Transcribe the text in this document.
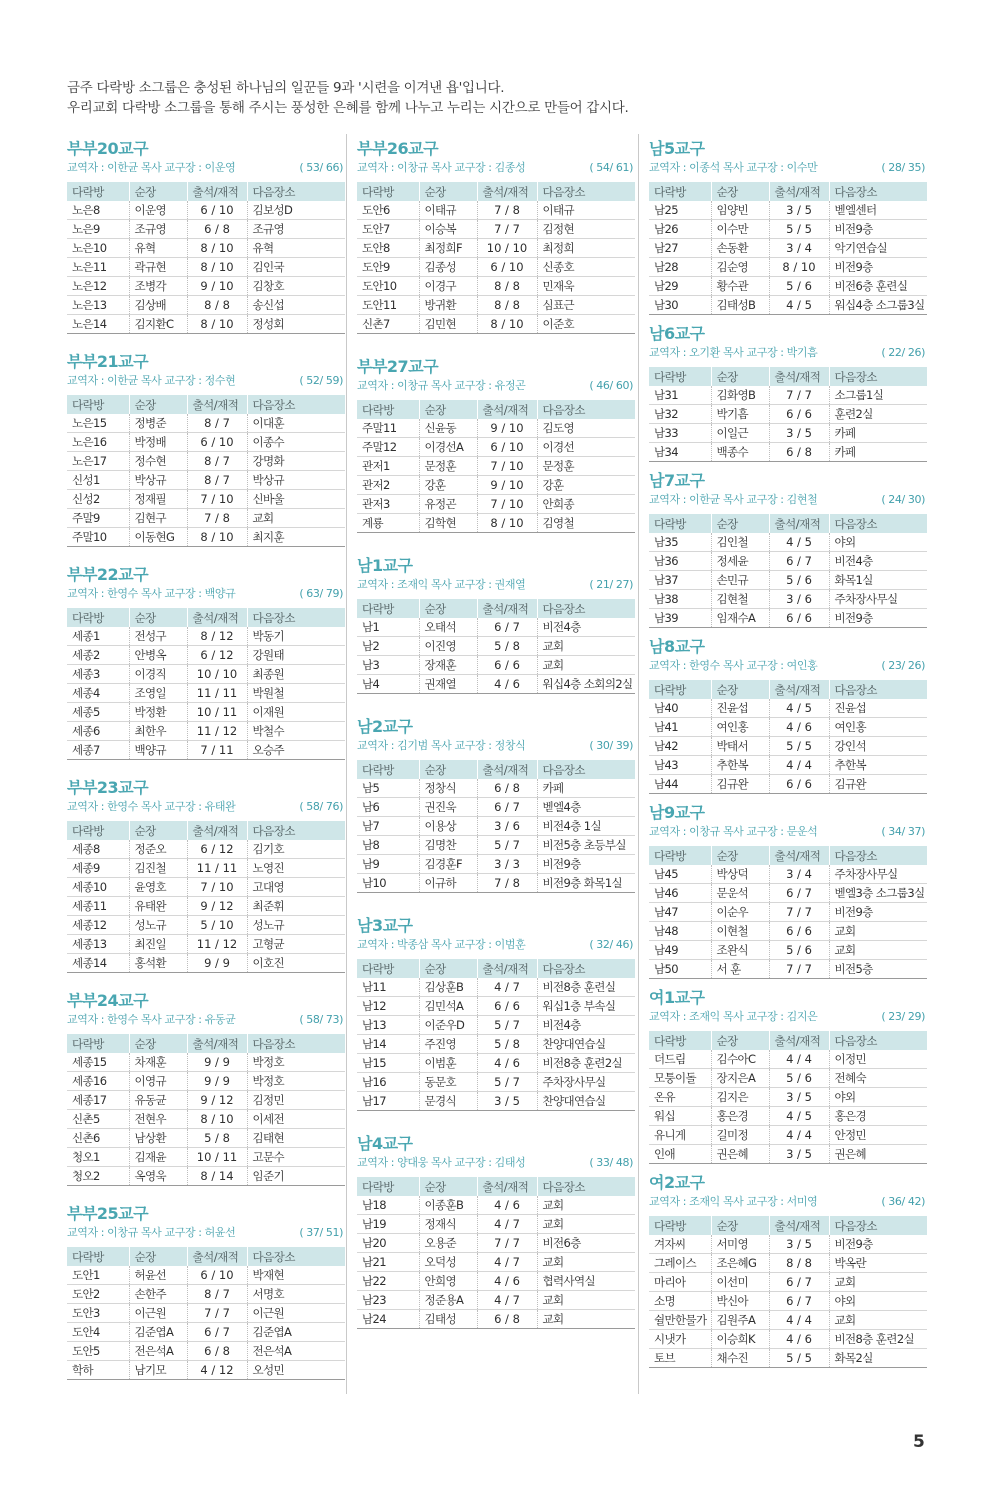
금주 다락방 소그룹은 충성된 하나님의 일꾼들 9과 '시련을 이겨낸 욥'입니다.
우리교회 다락방 소그룹을 통해 주시는 풍성한 은혜를 함께 나누고 누리는 시간으로 만들어 갑시다.
부부20교구
교역자 : 이한균 목사 교구장 : 이운영	( 53/ 66)
다락방	순장	출석/재적	다음장소
노은8	이운영	6 / 10	김보성D
노은9	조규영	6 / 8	조규영
노은10	유혁	8 / 10	유혁
노은11	곽규현	8 / 10	김인국
노은12	조병각	9 / 10	김창호
노은13	김상배	8 / 8	송신섭
노은14	김지환C	8 / 10	정성회
부부21교구
교역자 : 이한균 목사 교구장 : 정수현	( 52/ 59)
다락방	순장	출석/재적	다음장소
노은15	정병준	8 / 7	이대훈
노은16	박정배	6 / 10	이종수
노은17	정수현	8 / 7	강명화
신성1	박상규	8 / 7	박상규
신성2	정재필	7 / 10	신바울
주말9	김현구	7 / 8	교회
주말10	이동현G	8 / 10	최지훈
부부22교구
교역자 : 한영수 목사 교구장 : 백양규	( 63/ 79)
다락방	순장	출석/재적	다음장소
세종1	전성구	8 / 12	박동기
세종2	안병옥	6 / 12	강원태
세종3	이경직	10 / 10	최종원
세종4	조영일	11 / 11	박원철
세종5	박정환	10 / 11	이재원
세종6	최한우	11 / 12	박철수
세종7	백양규	7 / 11	오승주
부부23교구
교역자 : 한영수 목사 교구장 : 유태완	( 58/ 76)
다락방	순장	출석/재적	다음장소
세종8	정준오	6 / 12	김기호
세종9	김진철	11 / 11	노영진
세종10	윤영호	7 / 10	고대영
세종11	유태완	9 / 12	최준휘
세종12	성노규	5 / 10	성노규
세종13	최진일	11 / 12	고형균
세종14	홍석환	9 / 9	이호진
부부24교구
교역자 : 한영수 목사 교구장 : 유동균	( 58/ 73)
다락방	순장	출석/재적	다음장소
세종15	차재훈	9 / 9	박정호
세종16	이영규	9 / 9	박정호
세종17	유동균	9 / 12	김정민
신촌5	전현우	8 / 10	이세전
신촌6	남상환	5 / 8	김태현
청오1	김재윤	10 / 11	고문수
청오2	옥영욱	8 / 14	임준기
부부25교구
교역자 : 이창규 목사 교구장 : 허윤선	( 37/ 51)
다락방	순장	출석/재적	다음장소
도안1	허윤선	6 / 10	박재현
도안2	손한주	8 / 7	서명호
도안3	이근원	7 / 7	이근원
도안4	김준엽A	6 / 7	김준엽A
도안5	전은석A	6 / 8	전은석A
학하	남기모	4 / 12	오성민
부부26교구
교역자 : 이창규 목사 교구장 : 김종성	( 54/ 61)
다락방	순장	출석/재적	다음장소
도안6	이태규	7 / 8	이태규
도안7	이승복	7 / 7	김정현
도안8	최정희F	10 / 10	최정희
도안9	김종성	6 / 10	신종호
도안10	이경구	8 / 8	민재욱
도안11	방귀환	8 / 8	심표근
신촌7	김민현	8 / 10	이준호
부부27교구
교역자 : 이창규 목사 교구장 : 유정곤	( 46/ 60)
다락방	순장	출석/재적	다음장소
주말11	신윤동	9 / 10	김도영
주말12	이경선A	6 / 10	이경선
관저1	문정훈	7 / 10	문정훈
관저2	강훈	9 / 10	강훈
관저3	유정곤	7 / 10	안희종
계룡	김학현	8 / 10	김영철
남1교구
교역자 : 조재익 목사 교구장 : 권재열	( 21/ 27)
다락방	순장	출석/재적	다음장소
남1	오태석	6 / 7	비전4층
남2	이진영	5 / 8	교회
남3	장재훈	6 / 6	교회
남4	권재열	4 / 6	워십4층 소회의2실
남2교구
교역자 : 김기범 목사 교구장 : 정창식	( 30/ 39)
다락방	순장	출석/재적	다음장소
남5	정창식	6 / 8	카페
남6	권진욱	6 / 7	벧엘4층
남7	이용상	3 / 6	비전4층 1실
남8	김명찬	5 / 7	비전5층 초등부실
남9	김경훈F	3 / 3	비전9층
남10	이규하	7 / 8	비전9층 화목1실
남3교구
교역자 : 박종삼 목사 교구장 : 이범훈	( 32/ 46)
다락방	순장	출석/재적	다음장소
남11	김상훈B	4 / 7	비전8층 훈련실
남12	김민석A	6 / 6	워십1층 부속실
남13	이준우D	5 / 7	비전4층
남14	주진영	5 / 8	찬양대연습실
남15	이범훈	4 / 6	비전8층 훈련2실
남16	동문호	5 / 7	주차장사무실
남17	문경식	3 / 5	찬양대연습실
남4교구
교역자 : 양대웅 목사 교구장 : 김태성	( 33/ 48)
다락방	순장	출석/재적	다음장소
남18	이종훈B	4 / 6	교회
남19	정재식	4 / 7	교회
남20	오용준	7 / 7	비전6층
남21	오덕성	4 / 7	교회
남22	안희영	4 / 6	협력사역실
남23	정준용A	4 / 7	교회
남24	김태성	6 / 8	교회
남5교구
교역자 : 이종석 목사 교구장 : 이수만	( 28/ 35)
다락방	순장	출석/재적	다음장소
남25	임양빈	3 / 5	벧엘센터
남26	이수만	5 / 5	비전9층
남27	손동환	3 / 4	악기연습실
남28	김순영	8 / 10	비전9층
남29	황수관	5 / 6	비전6층 훈련실
남30	김태성B	4 / 5	워십4층 소그룹3실
남6교구
교역자 : 오기환 목사 교구장 : 박기흠	( 22/ 26)
다락방	순장	출석/재적	다음장소
남31	김화영B	7 / 7	소그룹1실
남32	박기흠	6 / 6	훈련2실
남33	이일근	3 / 5	카페
남34	백종수	6 / 8	카페
남7교구
교역자 : 이한균 목사 교구장 : 김현철	( 24/ 30)
다락방	순장	출석/재적	다음장소
남35	김인철	4 / 5	야외
남36	정세윤	6 / 7	비전4층
남37	손민규	5 / 6	화목1실
남38	김현철	3 / 6	주차장사무실
남39	임재수A	6 / 6	비전9층
남8교구
교역자 : 한영수 목사 교구장 : 여인홍	( 23/ 26)
다락방	순장	출석/재적	다음장소
남40	진윤섭	4 / 5	진윤섭
남41	여인홍	4 / 6	여인홍
남42	박태서	5 / 5	강인석
남43	추한복	4 / 4	추한복
남44	김규완	6 / 6	김규완
남9교구
교역자 : 이창규 목사 교구장 : 문운석	( 34/ 37)
다락방	순장	출석/재적	다음장소
남45	박상덕	3 / 4	주차장사무실
남46	문운석	6 / 7	벧엘3층 소그룹3실
남47	이순우	7 / 7	비전9층
남48	이현철	6 / 6	교회
남49	조완식	5 / 6	교회
남50	서 훈	7 / 7	비전5층
여1교구
교역자 : 조재익 목사 교구장 : 김지은	( 23/ 29)
다락방	순장	출석/재적	다음장소
더드림	김수아C	4 / 4	이정민
모퉁이돌	장지은A	5 / 6	전혜숙
온유	김지은	3 / 5	야외
워십	홍은경	4 / 5	홍은경
유니게	길미정	4 / 4	안정민
인애	권은혜	3 / 5	권은혜
여2교구
교역자 : 조재익 목사 교구장 : 서미영	( 36/ 42)
다락방	순장	출석/재적	다음장소
겨자씨	서미영	3 / 5	비전9층
그레이스	조은혜G	8 / 8	박옥란
마리아	이선미	6 / 7	교회
소명	박신아	6 / 7	야외
쉴만한물가	김원주A	4 / 4	교회
시냇가	이승희K	4 / 6	비전8층 훈련2실
토브	채수진	5 / 5	화목2실
5
